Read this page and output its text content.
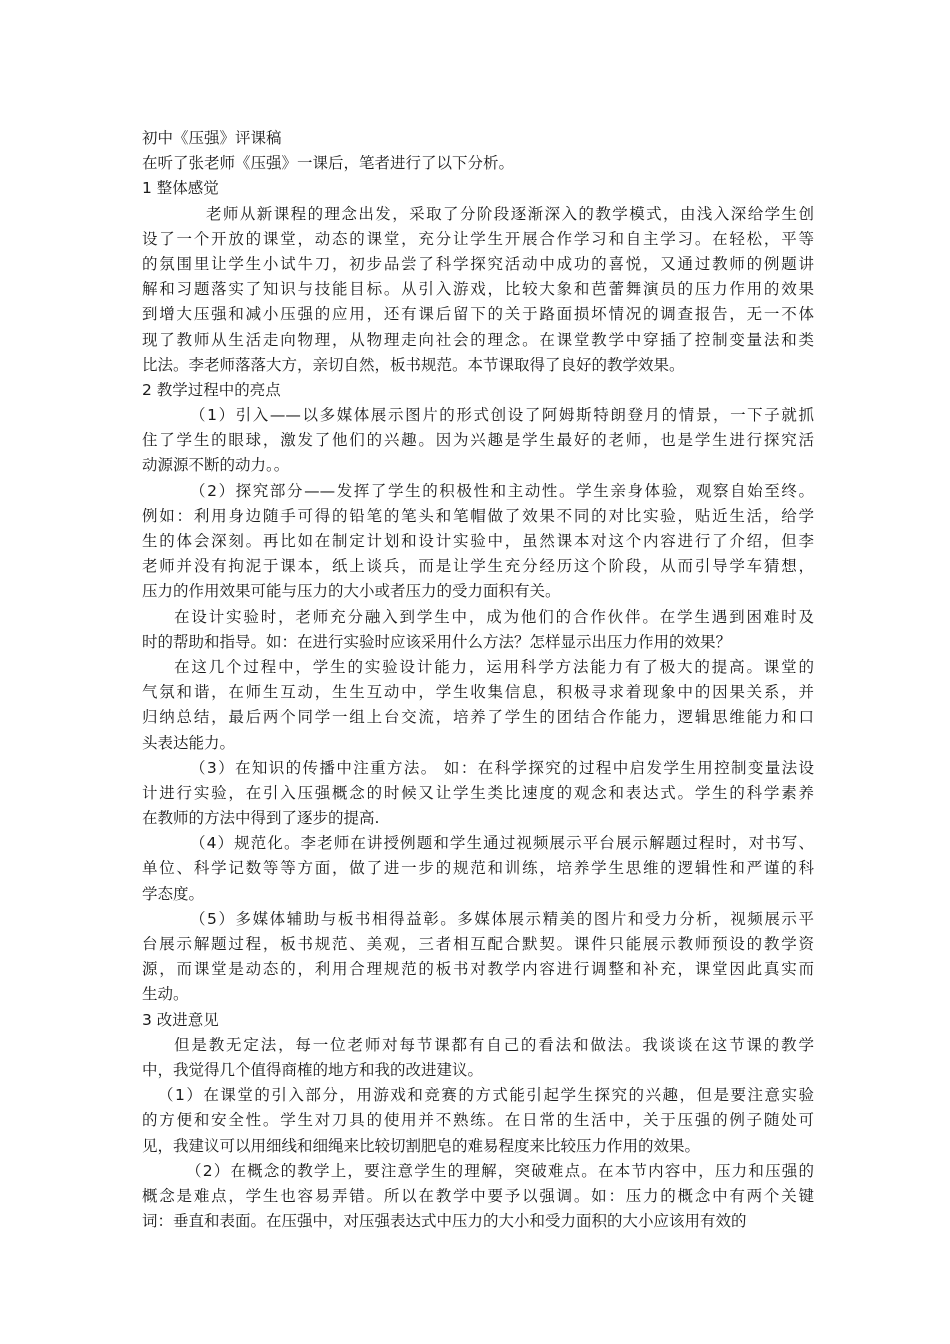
初中《压强》评课稿
在听了张老师《压强》一课后，笔者进行了以下分析。
1 整体感觉
老师从新课程的理念出发，采取了分阶段逐渐深入的教学模式，由浅入深给学生创
设了一个开放的课堂，动态的课堂，充分让学生开展合作学习和自主学习。在轻松，平等
的氛围里让学生小试牛刀，初步品尝了科学探究活动中成功的喜悦，又通过教师的例题讲
解和习题落实了知识与技能目标。从引入游戏，比较大象和芭蕾舞演员的压力作用的效果
到增大压强和减小压强的应用，还有课后留下的关于路面损坏情况的调查报告，无一不体
现了教师从生活走向物理，从物理走向社会的理念。在课堂教学中穿插了控制变量法和类
比法。李老师落落大方，亲切自然，板书规范。本节课取得了良好的教学效果。
2 教学过程中的亮点
（1）引入——以多媒体展示图片的形式创设了阿姆斯特朗登月的情景，一下子就抓
住了学生的眼球，激发了他们的兴趣。因为兴趣是学生最好的老师，也是学生进行探究活
动源源不断的动力。。
（2）探究部分——发挥了学生的积极性和主动性。学生亲身体验，观察自始至终。
例如：利用身边随手可得的铅笔的笔头和笔帽做了效果不同的对比实验，贴近生活，给学
生的体会深刻。再比如在制定计划和设计实验中，虽然课本对这个内容进行了介绍，但李
老师并没有拘泥于课本，纸上谈兵，而是让学生充分经历这个阶段，从而引导学车猜想，
压力的作用效果可能与压力的大小或者压力的受力面积有关。
在设计实验时，老师充分融入到学生中，成为他们的合作伙伴。在学生遇到困难时及
时的帮助和指导。如：在进行实验时应该采用什么方法？怎样显示出压力作用的效果？
在这几个过程中，学生的实验设计能力，运用科学方法能力有了极大的提高。课堂的
气氛和谐，在师生互动，生生互动中，学生收集信息，积极寻求着现象中的因果关系，并
归纳总结，最后两个同学一组上台交流，培养了学生的团结合作能力，逻辑思维能力和口
头表达能力。
（3）在知识的传播中注重方法。 如：在科学探究的过程中启发学生用控制变量法设
计进行实验，在引入压强概念的时候又让学生类比速度的观念和表达式。学生的科学素养
在教师的方法中得到了逐步的提高.
（4）规范化。李老师在讲授例题和学生通过视频展示平台展示解题过程时，对书写、
单位、科学记数等等方面，做了进一步的规范和训练，培养学生思维的逻辑性和严谨的科
学态度。
（5）多媒体辅助与板书相得益彰。多媒体展示精美的图片和受力分析，视频展示平
台展示解题过程，板书规范、美观，三者相互配合默契。课件只能展示教师预设的教学资
源，而课堂是动态的，利用合理规范的板书对教学内容进行调整和补充，课堂因此真实而
生动。
3 改进意见
但是教无定法，每一位老师对每节课都有自己的看法和做法。我谈谈在这节课的教学
中，我觉得几个值得商榷的地方和我的改进建议。
（1）在课堂的引入部分，用游戏和竞赛的方式能引起学生探究的兴趣，但是要注意实验
的方便和安全性。学生对刀具的使用并不熟练。在日常的生活中，关于压强的例子随处可
见，我建议可以用细线和细绳来比较切割肥皂的难易程度来比较压力作用的效果。
（2）在概念的教学上，要注意学生的理解，突破难点。在本节内容中，压力和压强的
概念是难点，学生也容易弄错。所以在教学中要予以强调。如：压力的概念中有两个关键
词：垂直和表面。在压强中，对压强表达式中压力的大小和受力面积的大小应该用有效的
